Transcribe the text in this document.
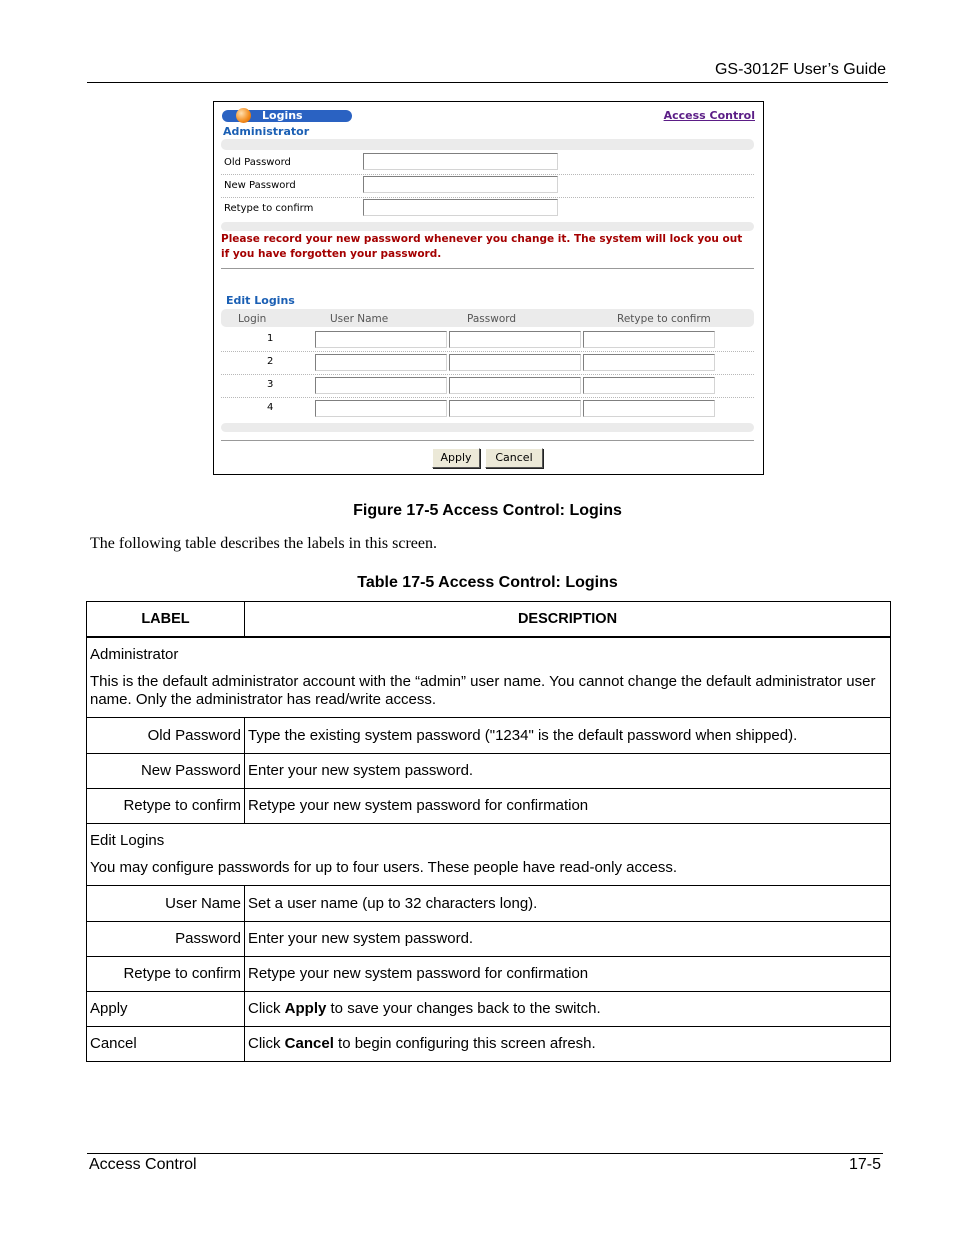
GS-3012F User’s Guide
Logins	Access Control
Administrator
Old Password
New Password
Retype to confirm
Please record your new password whenever you change it. The system will lock you out if you have forgotten your password.
Edit Logins
Login	User Name	Password	Retype to confirm
1
2
3
4
Apply	Cancel
Figure 17-5 Access Control: Logins
The following table describes the labels in this screen.
Table 17-5 Access Control: Logins
LABEL	DESCRIPTION

Administrator

This is the default administrator account with the “admin” user name. You cannot change the default administrator user name. Only the administrator has read/write access.	

Old Password	Type the existing system password ("1234" is the default password when shipped).
New Password	Enter your new system password.
Retype to confirm	Retype your new system password for confirmation

Edit Logins

You may configure passwords for up to four users. These people have read-only access.	

User Name	Set a user name (up to 32 characters long).
Password	Enter your new system password.
Retype to confirm	Retype your new system password for confirmation
Apply	Click Apply to save your changes back to the switch.
Cancel	Click Cancel to begin configuring this screen afresh.
Access Control	17-5
